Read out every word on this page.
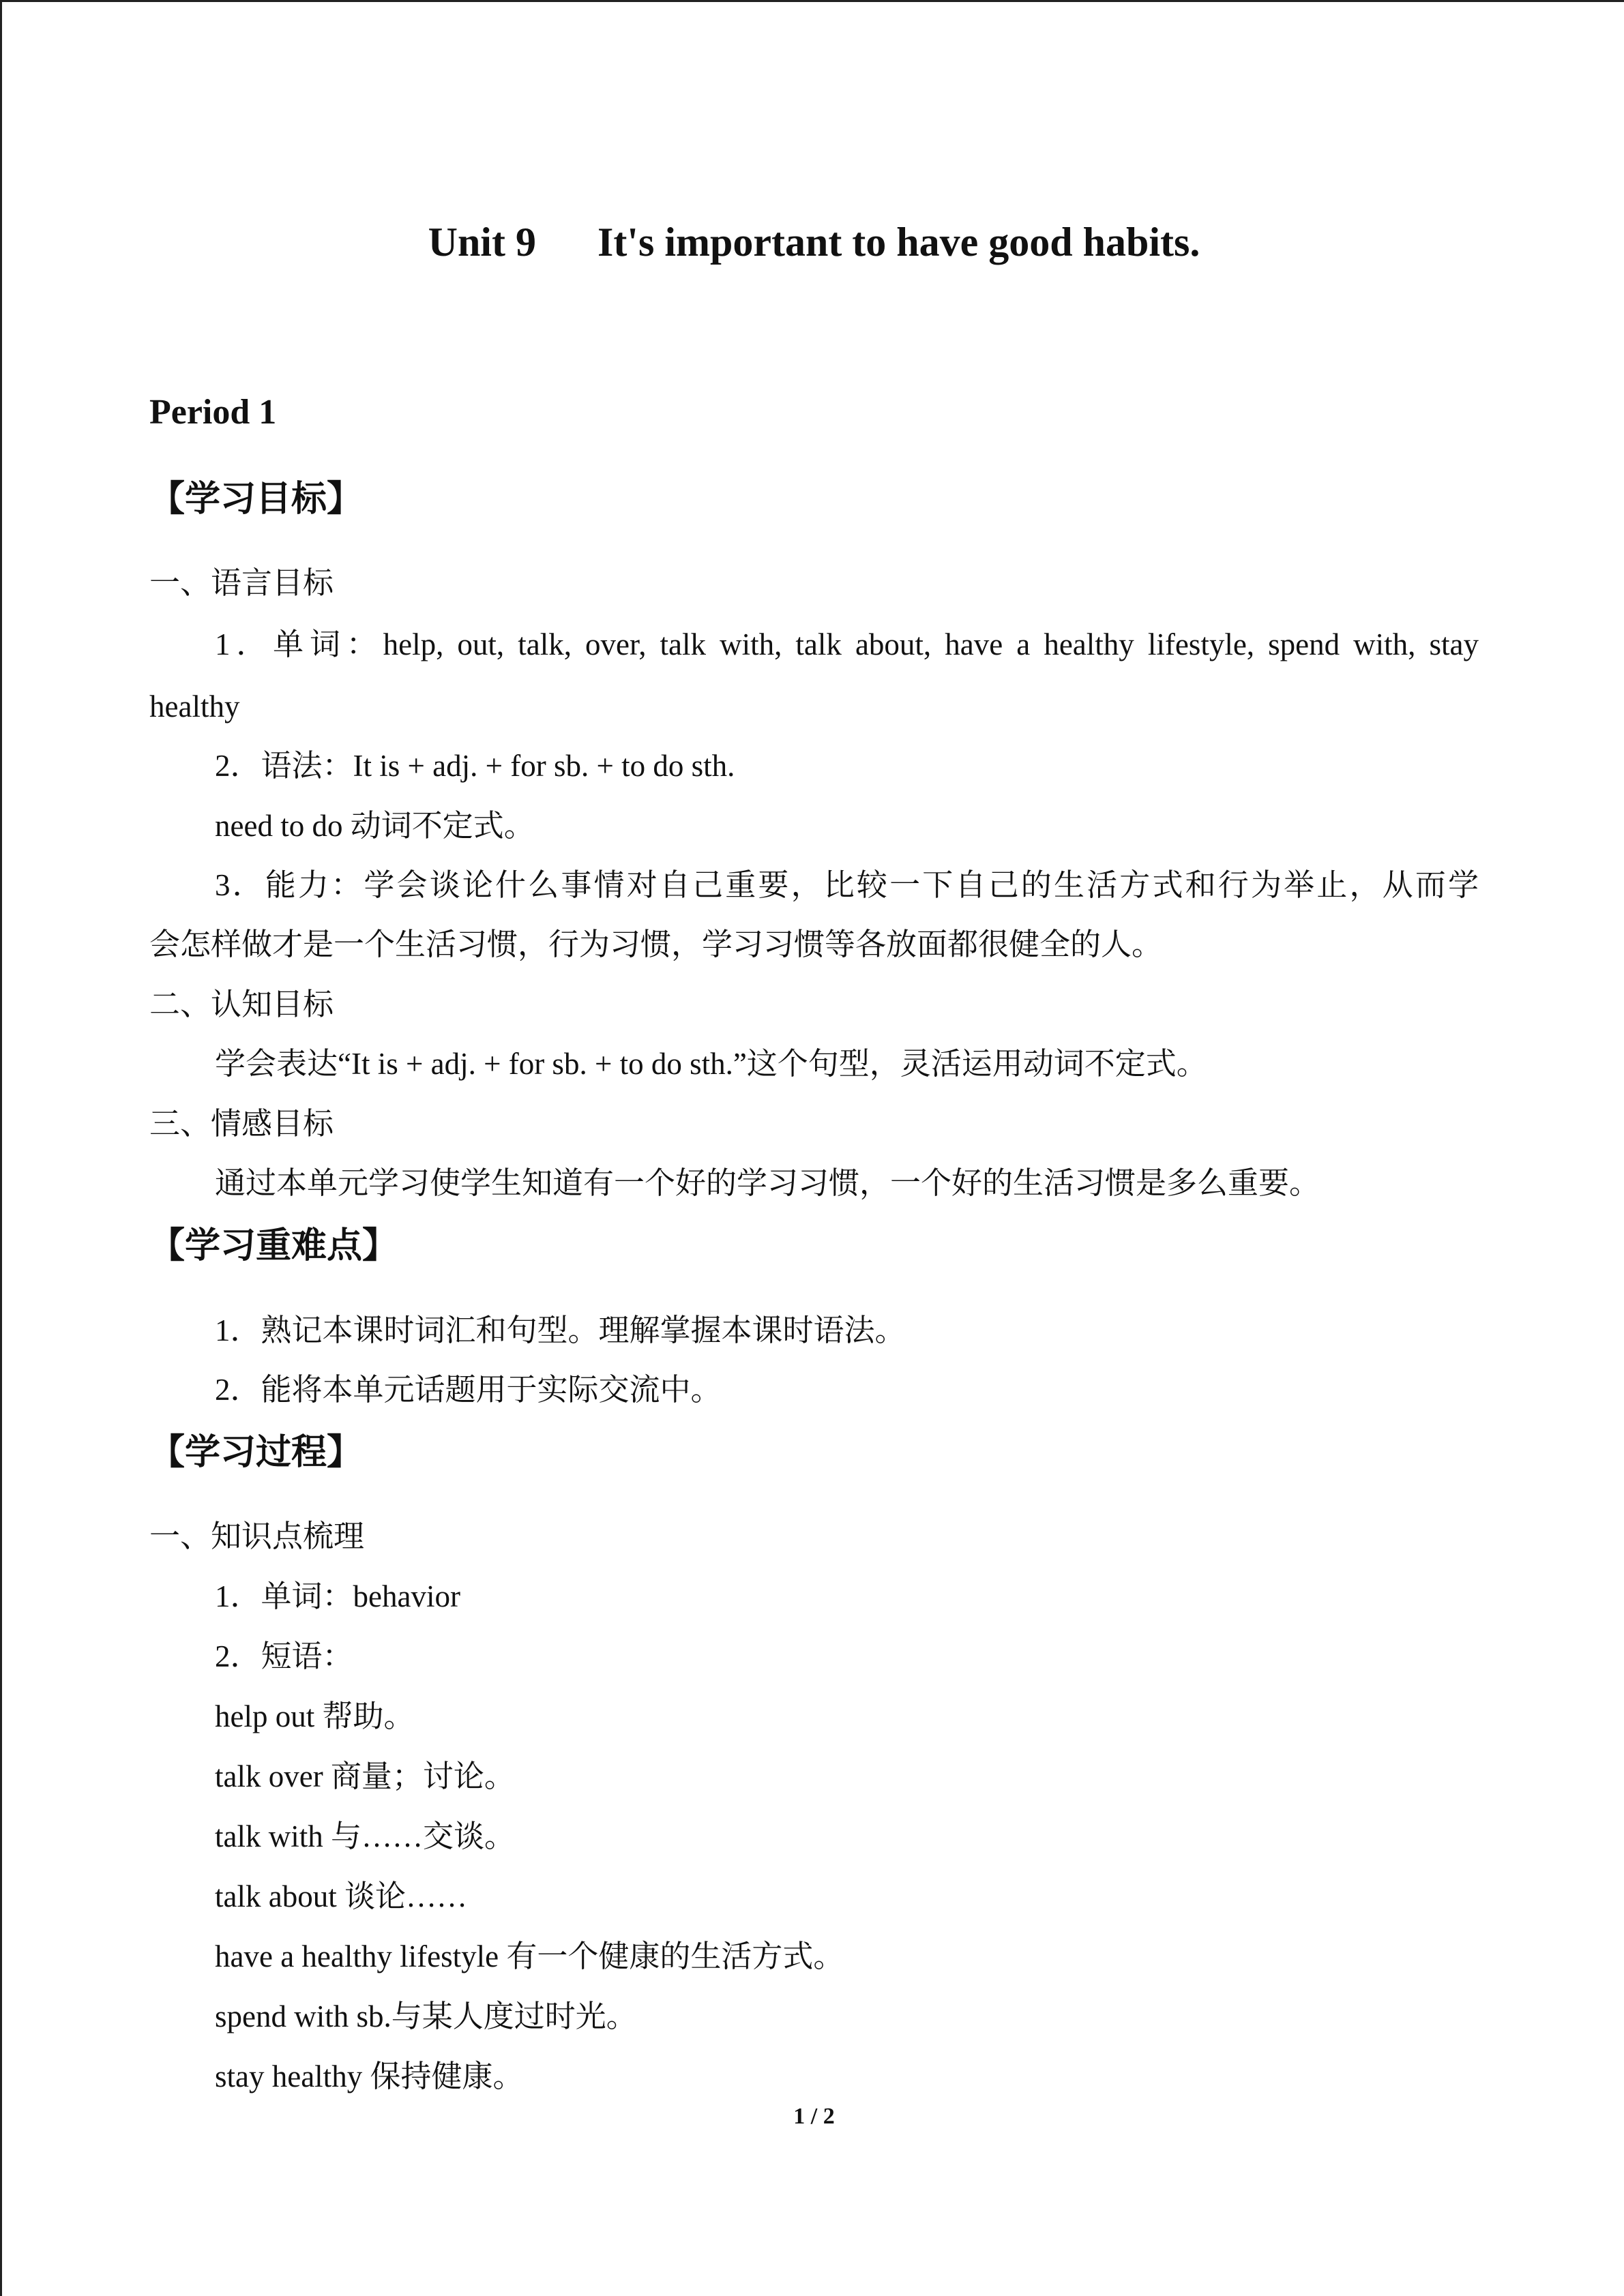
Unit 9 It's important to have good habits.
Period 1
【学习目标】
一、语言目标
1．单词：help, out, talk, over, talk with, talk about, have a healthy lifestyle, spend with, stay
healthy
2．语法：It is + adj. + for sb. + to do sth.
need to do 动词不定式。
3．能力：学会谈论什么事情对自己重要，比较一下自己的生活方式和行为举止，从而学
会怎样做才是一个生活习惯，行为习惯，学习习惯等各放面都很健全的人。
二、认知目标
学会表达“It is + adj. + for sb. + to do sth.”这个句型，灵活运用动词不定式。
三、情感目标
通过本单元学习使学生知道有一个好的学习习惯，一个好的生活习惯是多么重要。
【学习重难点】
1．熟记本课时词汇和句型。理解掌握本课时语法。
2．能将本单元话题用于实际交流中。
【学习过程】
一、知识点梳理
1．单词：behavior
2．短语：
help out 帮助。
talk over 商量；讨论。
talk with 与……交谈。
talk about 谈论……
have a healthy lifestyle 有一个健康的生活方式。
spend with sb.与某人度过时光。
stay healthy 保持健康。
1 / 2
